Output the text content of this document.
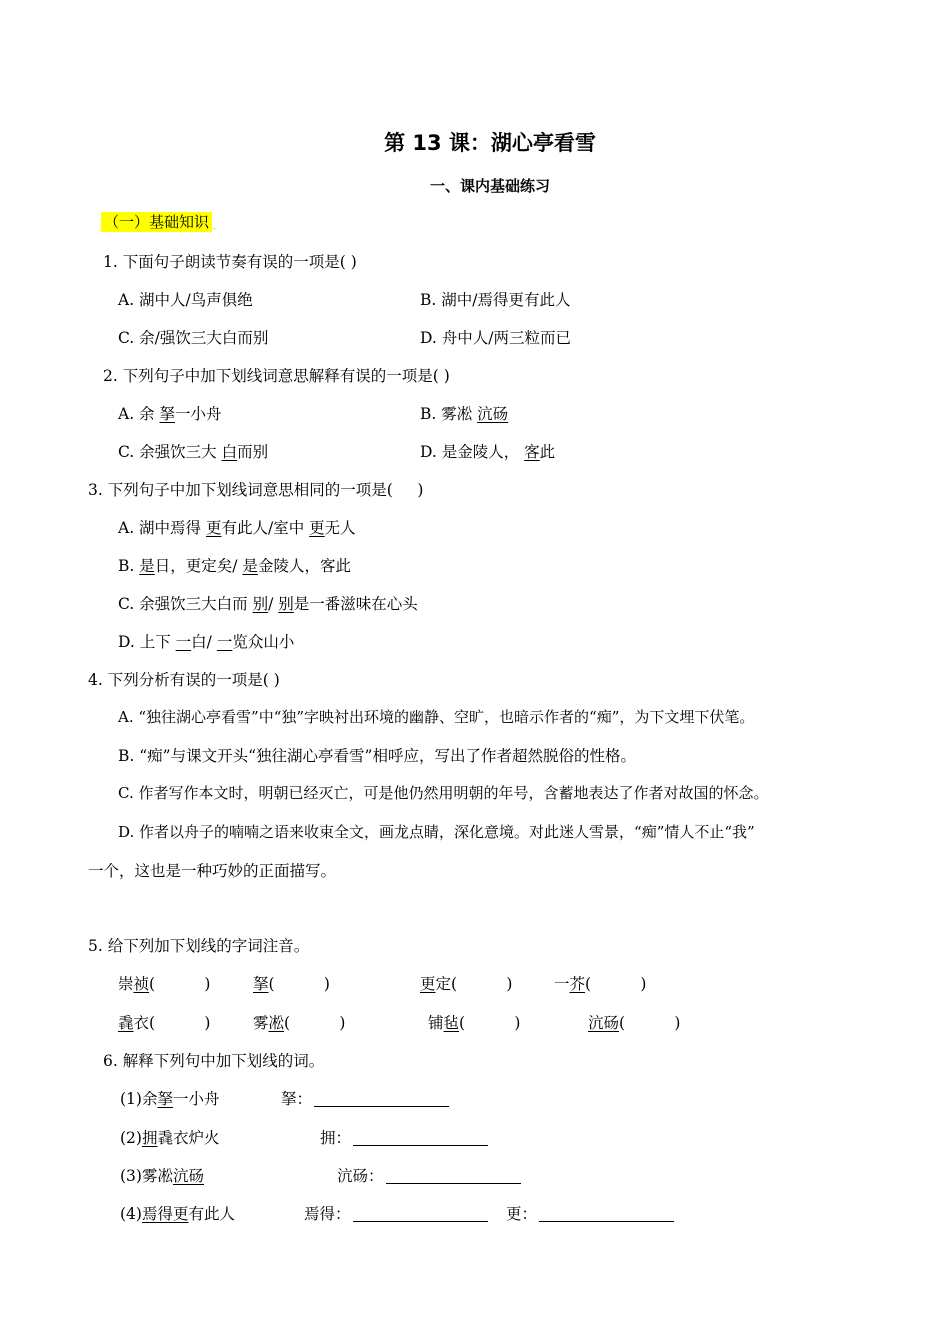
第 13 课：湖心亭看雪
一、课内基础练习
（一）基础知识 ˯
1. 下面句子朗读节奏有误的一项是( )
A. 湖中人/鸟声俱绝	B. 湖中/焉得更有此人
C. 余/强饮三大白而别	D. 舟中人/两三粒而已
2. 下列句子中加下划线词意思解释有误的一项是( )
A. 余 拏一小舟	B. 雾凇 沆砀
C. 余强饮三大 白而别	D. 是金陵人， 客此
3. 下列句子中加下划线词意思相同的一项是(     )
A. 湖中焉得 更有此人/室中 更无人
B. 是日，更定矣/ 是金陵人，客此
C. 余强饮三大白而 别/ 别是一番滋味在心头
D. 上下 一白/ 一览众山小
4. 下列分析有误的一项是( )
A. “独往湖心亭看雪”中“独”字映衬出环境的幽静、空旷，也暗示作者的“痴”，为下文埋下伏笔。
B. “痴”与课文开头“独往湖心亭看雪”相呼应，写出了作者超然脱俗的性格。
C. 作者写作本文时，明朝已经灭亡，可是他仍然用明朝的年号，含蓄地表达了作者对故国的怀念。
D. 作者以舟子的喃喃之语来收束全文，画龙点睛，深化意境。对此迷人雪景，“痴”情人不止“我”
一个，这也是一种巧妙的正面描写。
5. 给下列加下划线的字词注音。
崇祯(          )	拏(          )	更定(          )	一芥(          )
毳衣(          )	雾凇(          )	铺毡(          )	沆砀(          )
6. 解释下列句中加下划线的词。
(1)余拏一小舟	拏：
(2)拥毳衣炉火	拥：
(3)雾凇沆砀	沆砀：
(4)焉得更有此人	焉得：	更：
